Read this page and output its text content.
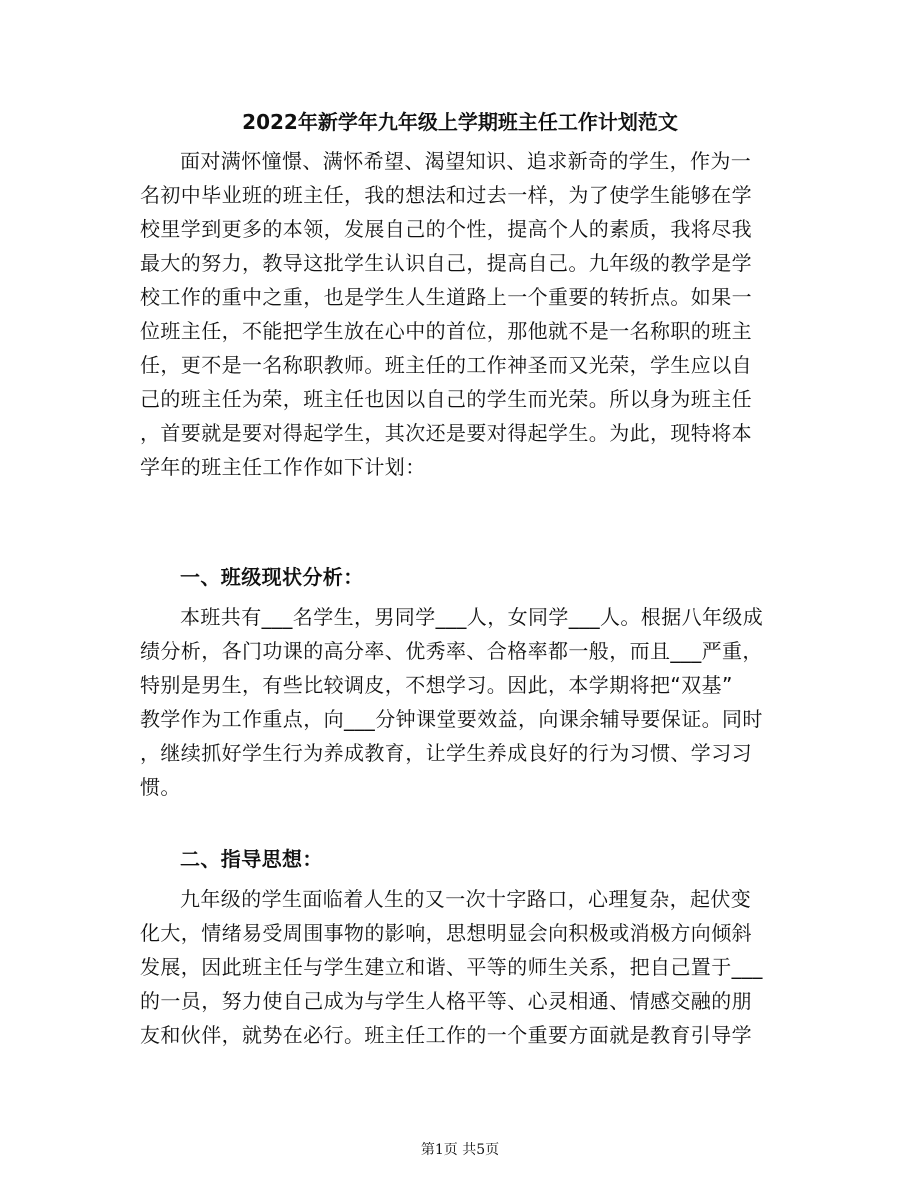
2022年新学年九年级上学期班主任工作计划范文
面对满怀憧憬、满怀希望、渴望知识、追求新奇的学生，作为一
名初中毕业班的班主任，我的想法和过去一样，为了使学生能够在学
校里学到更多的本领，发展自己的个性，提高个人的素质，我将尽我
最大的努力，教导这批学生认识自己，提高自己。九年级的教学是学
校工作的重中之重，也是学生人生道路上一个重要的转折点。如果一
位班主任，不能把学生放在心中的首位，那他就不是一名称职的班主
任，更不是一名称职教师。班主任的工作神圣而又光荣，学生应以自
己的班主任为荣，班主任也因以自己的学生而光荣。所以身为班主任
，首要就是要对得起学生，其次还是要对得起学生。为此，现特将本
学年的班主任工作作如下计划：
一、班级现状分析：
本班共有___名学生，男同学___人，女同学___人。根据八年级成
绩分析，各门功课的高分率、优秀率、合格率都一般，而且___严重，
特别是男生，有些比较调皮，不想学习。因此，本学期将把“双基”
教学作为工作重点，向___分钟课堂要效益，向课余辅导要保证。同时
，继续抓好学生行为养成教育，让学生养成良好的行为习惯、学习习
惯。
二、指导思想：
九年级的学生面临着人生的又一次十字路口，心理复杂，起伏变
化大，情绪易受周围事物的影响，思想明显会向积极或消极方向倾斜
发展，因此班主任与学生建立和谐、平等的师生关系，把自己置于___
的一员，努力使自己成为与学生人格平等、心灵相通、情感交融的朋
友和伙伴，就势在必行。班主任工作的一个重要方面就是教育引导学
第1页 共5页
